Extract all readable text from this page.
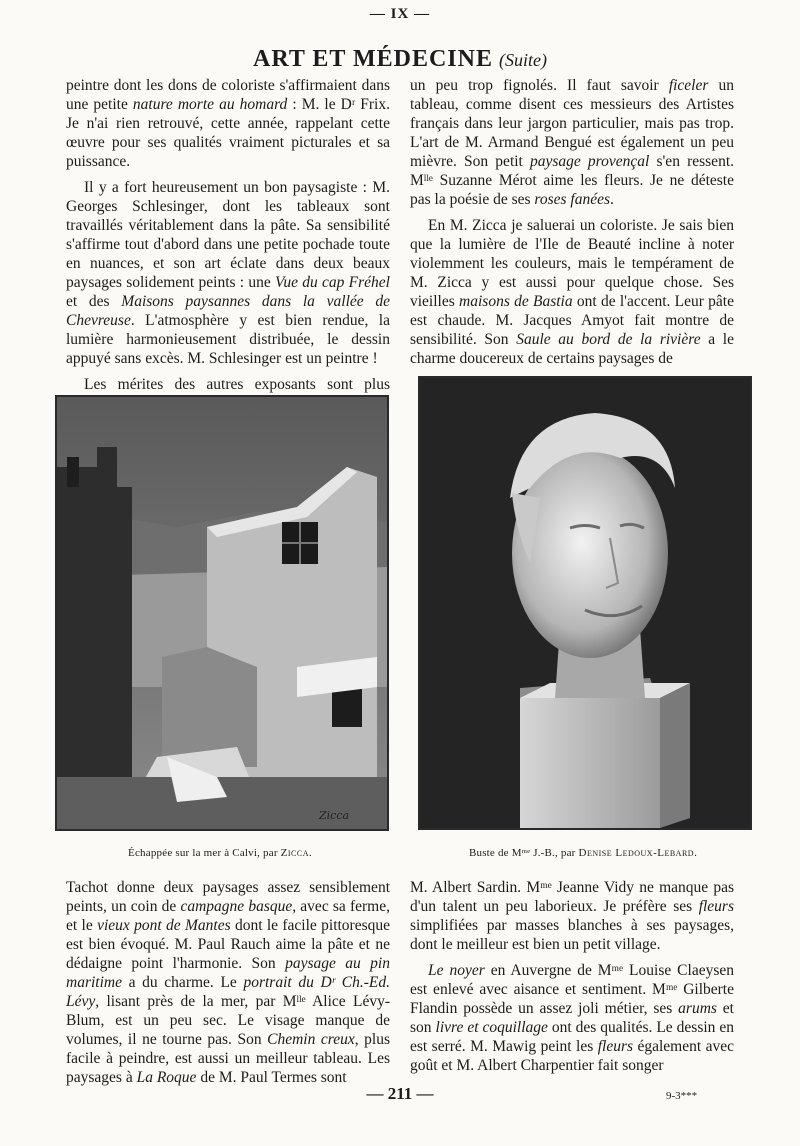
— IX —
ART ET MÉDECINE (Suite)

peintre dont les dons de coloriste s'affirmaient dans une petite nature morte au homard : M. le Dʳ Frix. Je n'ai rien retrouvé, cette année, rappelant cette œuvre pour ses qualités vraiment picturales et sa puissance.

Il y a fort heureusement un bon paysagiste : M. Georges Schlesinger, dont les tableaux sont travaillés véritablement dans la pâte. Sa sensibilité s'affirme tout d'abord dans une petite pochade toute en nuances, et son art éclate dans deux beaux paysages solidement peints : une Vue du cap Fréhel et des Maisons paysannes dans la vallée de Chevreuse. L'atmosphère y est bien rendue, la lumière harmonieusement distribuée, le dessin appuyé sans excès. M. Schlesinger est un peintre !

Les mérites des autres exposants sont plus

un peu trop fignolés. Il faut savoir ficeler un tableau, comme disent ces messieurs des Artistes français dans leur jargon particulier, mais pas trop. L'art de M. Armand Bengué est également un peu mièvre. Son petit paysage provençal s'en ressent. Mˡˡᵉ Suzanne Mérot aime les fleurs. Je ne déteste pas la poésie de ses roses fanées.

En M. Zicca je saluerai un coloriste. Je sais bien que la lumière de l'Ile de Beauté incline à noter violemment les couleurs, mais le tempérament de M. Zicca y est aussi pour quelque chose. Ses vieilles maisons de Bastia ont de l'accent. Leur pâte est chaude. M. Jacques Amyot fait montre de sensibilité. Son Saule au bord de la rivière a le charme doucereux de certains paysages de

Zicca
Échappée sur la mer à Calvi, par Zicca.	Buste de Mᵐᵉ J.-B., par Denise Ledoux-Lebard.

Tachot donne deux paysages assez sensiblement peints, un coin de campagne basque, avec sa ferme, et le vieux pont de Mantes dont le facile pittoresque est bien évoqué. M. Paul Rauch aime la pâte et ne dédaigne point l'harmonie. Son paysage au pin maritime a du charme. Le portrait du Dʳ Ch.-Ed. Lévy, lisant près de la mer, par Mˡˡᵉ Alice Lévy-Blum, est un peu sec. Le visage manque de volumes, il ne tourne pas. Son Chemin creux, plus facile à peindre, est aussi un meilleur tableau. Les paysages à La Roque de M. Paul Termes sont

M. Albert Sardin. Mᵐᵉ Jeanne Vidy ne manque pas d'un talent un peu laborieux. Je préfère ses fleurs simplifiées par masses blanches à ses paysages, dont le meilleur est bien un petit village.

Le noyer en Auvergne de Mᵐᵉ Louise Claeysen est enlevé avec aisance et sentiment. Mᵐᵉ Gilberte Flandin possède un assez joli métier, ses arums et son livre et coquillage ont des qualités. Le dessin en est serré. M. Mawig peint les fleurs également avec goût et M. Albert Charpentier fait songer

— 211 —	9-3***
